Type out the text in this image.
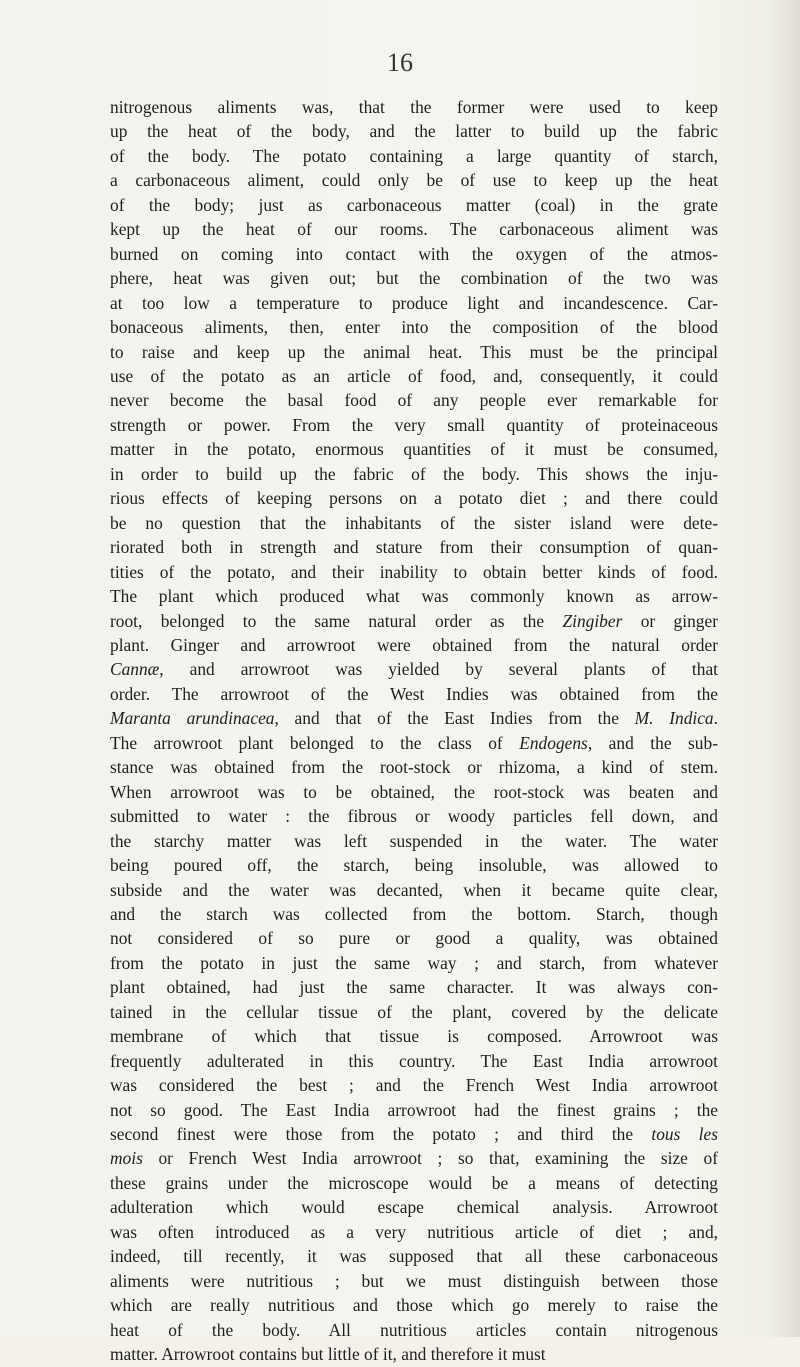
16
nitrogenous aliments was, that the former were used to keep
up the heat of the body, and the latter to build up the fabric
of the body. The potato containing a large quantity of starch,
a carbonaceous aliment, could only be of use to keep up the heat
of the body; just as carbonaceous matter (coal) in the grate
kept up the heat of our rooms. The carbonaceous aliment was
burned on coming into contact with the oxygen of the atmos-
phere, heat was given out; but the combination of the two was
at too low a temperature to produce light and incandescence. Car-
bonaceous aliments, then, enter into the composition of the blood
to raise and keep up the animal heat. This must be the principal
use of the potato as an article of food, and, consequently, it could
never become the basal food of any people ever remarkable for
strength or power. From the very small quantity of proteinaceous
matter in the potato, enormous quantities of it must be consumed,
in order to build up the fabric of the body. This shows the inju-
rious effects of keeping persons on a potato diet ; and there could
be no question that the inhabitants of the sister island were dete-
riorated both in strength and stature from their consumption of quan-
tities of the potato, and their inability to obtain better kinds of food.
The plant which produced what was commonly known as arrow-
root, belonged to the same natural order as the Zingiber or ginger
plant. Ginger and arrowroot were obtained from the natural order
Cannæ, and arrowroot was yielded by several plants of that
order. The arrowroot of the West Indies was obtained from the
Maranta arundinacea, and that of the East Indies from the M. Indica.
The arrowroot plant belonged to the class of Endogens, and the sub-
stance was obtained from the root-stock or rhizoma, a kind of stem.
When arrowroot was to be obtained, the root-stock was beaten and
submitted to water : the fibrous or woody particles fell down, and
the starchy matter was left suspended in the water. The water
being poured off, the starch, being insoluble, was allowed to
subside and the water was decanted, when it became quite clear,
and the starch was collected from the bottom. Starch, though
not considered of so pure or good a quality, was obtained
from the potato in just the same way ; and starch, from whatever
plant obtained, had just the same character. It was always con-
tained in the cellular tissue of the plant, covered by the delicate
membrane of which that tissue is composed. Arrowroot was
frequently adulterated in this country. The East India arrowroot
was considered the best ; and the French West India arrowroot
not so good. The East India arrowroot had the finest grains ; the
second finest were those from the potato ; and third the tous les
mois or French West India arrowroot ; so that, examining the size of
these grains under the microscope would be a means of detecting
adulteration which would escape chemical analysis. Arrowroot
was often introduced as a very nutritious article of diet ; and,
indeed, till recently, it was supposed that all these carbonaceous
aliments were nutritious ; but we must distinguish between those
which are really nutritious and those which go merely to raise the
heat of the body. All nutritious articles contain nitrogenous
matter. Arrowroot contains but little of it, and therefore it must
